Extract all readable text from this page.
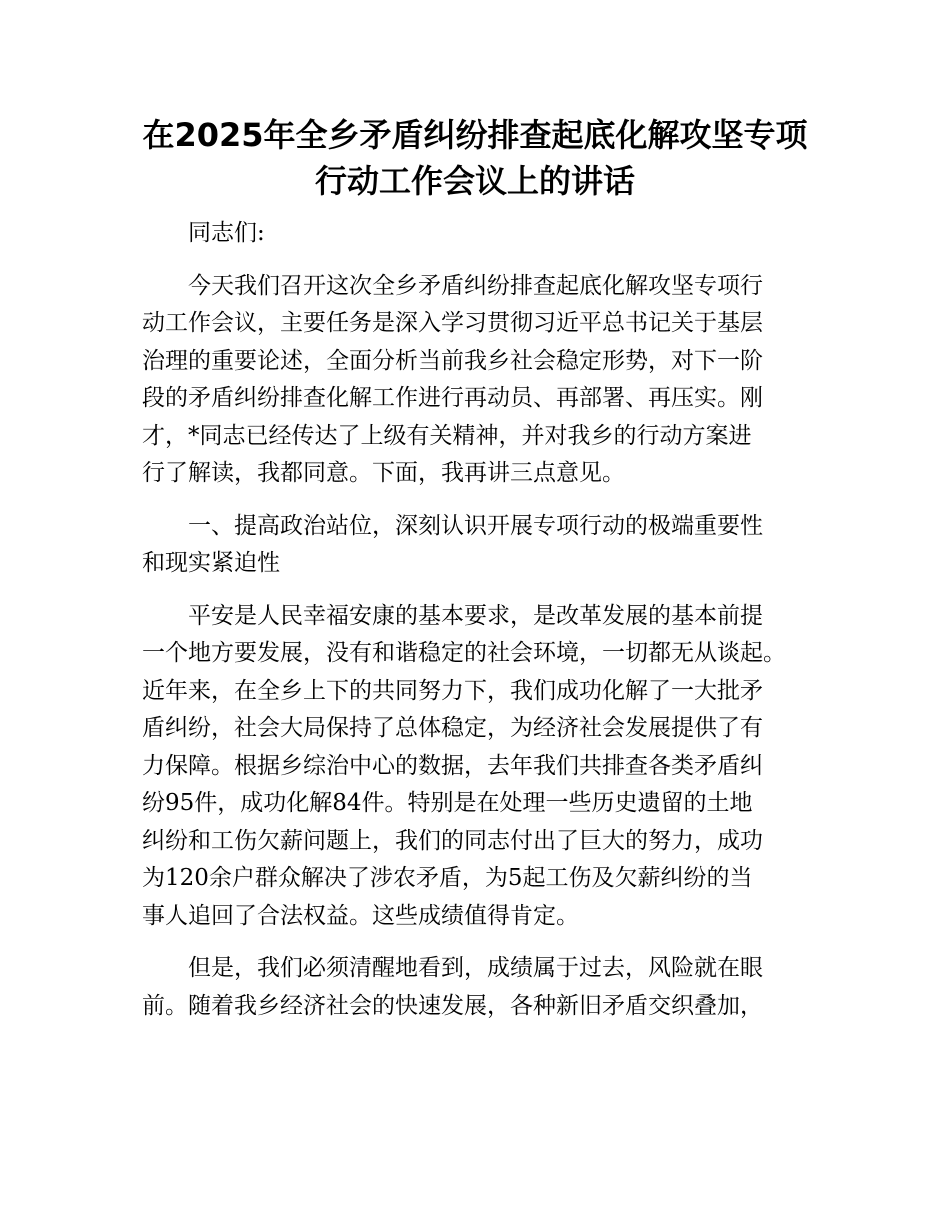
在2025年全乡矛盾纠纷排查起底化解攻坚专项
行动工作会议上的讲话
　　同志们:
　　今天我们召开这次全乡矛盾纠纷排查起底化解攻坚专项行
动工作会议，主要任务是深入学习贯彻习近平总书记关于基层
治理的重要论述，全面分析当前我乡社会稳定形势，对下一阶
段的矛盾纠纷排查化解工作进行再动员、再部署、再压实。刚
才，*同志已经传达了上级有关精神，并对我乡的行动方案进
行了解读，我都同意。下面，我再讲三点意见。
　　一、提高政治站位，深刻认识开展专项行动的极端重要性
和现实紧迫性
　　平安是人民幸福安康的基本要求，是改革发展的基本前提
一个地方要发展，没有和谐稳定的社会环境，一切都无从谈起。
近年来，在全乡上下的共同努力下，我们成功化解了一大批矛
盾纠纷，社会大局保持了总体稳定，为经济社会发展提供了有
力保障。根据乡综治中心的数据，去年我们共排查各类矛盾纠
纷95件，成功化解84件。特别是在处理一些历史遗留的土地
纠纷和工伤欠薪问题上，我们的同志付出了巨大的努力，成功
为120余户群众解决了涉农矛盾，为5起工伤及欠薪纠纷的当
事人追回了合法权益。这些成绩值得肯定。
　　但是，我们必须清醒地看到，成绩属于过去，风险就在眼
前。随着我乡经济社会的快速发展，各种新旧矛盾交织叠加，
